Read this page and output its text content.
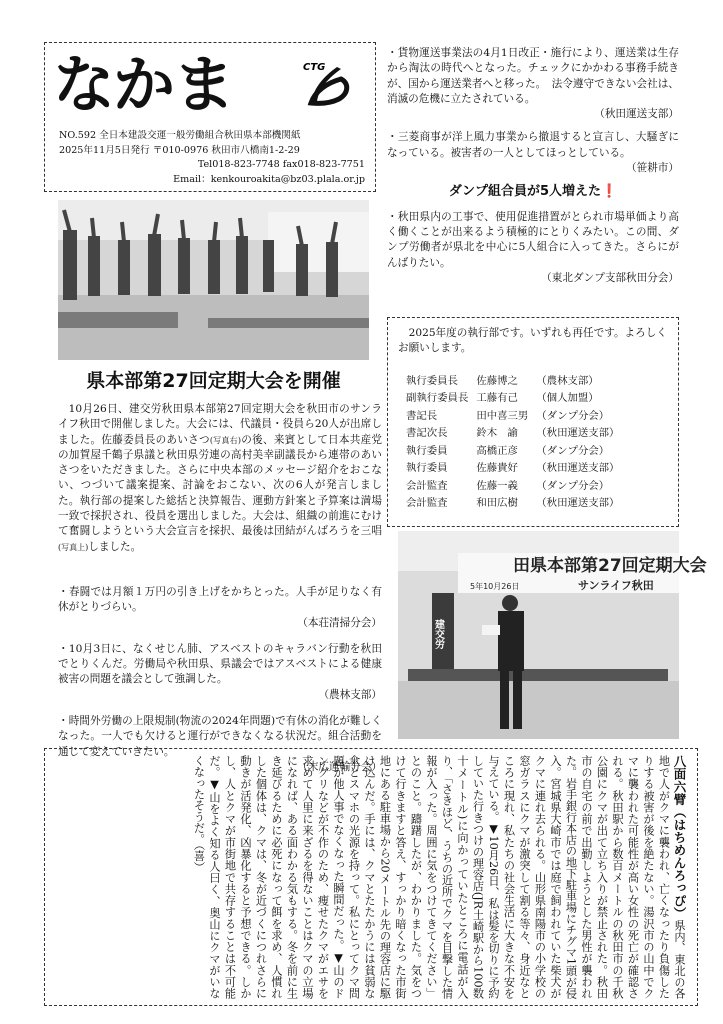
なかま	CTG
NO.592 全日本建設交運一般労働組合秋田県本部機関紙
2025年11月5日発行 〒010-0976 秋田市八橋南1-2-29
Tel018-823-7748 fax018-823-7751
Email：kenkouroakita@bz03.plala.or.jp
県本部第27回定期大会を開催

10月26日、建交労秋田県本部第27回定期大会を秋田市のサンライフ秋田で開催しました。大会には、代議員・役員ら20人が出席しました。佐藤委員長のあいさつ(写真右)の後、来賓として日本共産党の加賀屋千鶴子県議と秋田県労連の高村美幸副議長から連帯のあいさつをいただきました。さらに中央本部のメッセージ紹介をおこない、つづいて議案提案、討論をおこない、次の6人が発言しました。執行部の提案した総括と決算報告、運動方針案と予算案は満場一致で採択され、役員を選出しました。大会は、組織の前進にむけて奮闘しようという大会宣言を採択、最後は団結がんばろうを三唱(写真上)しました。

・春闘では月額１万円の引き上げをかちとった。人手が足りなく有休がとりづらい。
（本荘清掃分会）
・10月3日に、なくせじん肺、アスベストのキャラバン行動を秋田でとりくんだ。労働局や秋田県、県議会ではアスベストによる健康被害の問題を議会として強調した。
（農林支部）
・時間外労働の上限規制(物流の2024年問題)で有休の消化が難しくなった。一人でも欠けると運行ができなくなる状況だ。組合活動を通じて変えていきたい。
（末広運輸分会）
・貨物運送事業法の4月1日改正・施行により、運送業は生存から淘汰の時代へとなった。チェックにかかわる事務手続きが、国から運送業者へと移った。　法令遵守できない会社は、消滅の危機に立たされている。
（秋田運送支部）
・三菱商事が洋上風力事業から撤退すると宣言し、大騒ぎになっている。被害者の一人としてほっとしている。
（笹耕市）
ダンプ組合員が5人増えた❗
・秋田県内の工事で、使用促進措置がとられ市場単価より高く働くことが出来るよう積極的にとりくみたい。この間、ダンプ労働者が県北を中心に5人組合に入ってきた。さらにがんばりたい。
（東北ダンプ支部秋田分会）
2025年度の執行部です。いずれも再任です。よろしくお願いします。
執行委員長	佐藤博之	（農林支部）
副執行委員長	工藤有己	（個人加盟）
書記長	田中喜三男	（ダンプ分会）
書記次長	鈴木　諭	（秋田運送支部）
執行委員	高橋正彦	（ダンプ分会）
執行委員	佐藤貴好	（秋田運送支部）
会計監査	佐藤一義	（ダンプ分会）
会計監査	和田広樹	（秋田運送支部）
田県本部第27回定期大会
5年10月26日	サンライフ秋田
建交労
八面六臂（はちめんろっぴ）県内、東北の各地で人がクマに襲われ、亡くなったり負傷したりする被害が後を絶たない。湯沢市の山中でクマに襲われた可能性が高い女性の死亡が確認される。秋田駅から数百メートルの秋田市の千秋公園にクマが出て立ち入りが禁止された。秋田市の自宅の前で出勤しようとした男性が襲われた。岩手銀行本店の地下駐車場にチグマ1頭が侵入。宮城県大崎市では庭で飼われていた柴犬がクマに連れ去られる。山形県南陽市の小学校の窓ガラスにクマが激突して割る等々、身近なところに現れ、私たちの社会生活に大きな不安を与えている。▼10月26日、私は髪を切りに予約していた行きつけの理容店(JR土崎駅から100数十メートル)に向かっていたところに電話が入り、「さきほど、うちの近所でクマを目撃した情報が入った。周囲に気をつけてきてください」とのこと。躊躇したが、わかりました。気をつけて行きますと答え、すっかり暗くなった市街地にある駐車場から20メートル先の理容店に駆け込んだ。手には、クマとたたかうには貧弱な傘とスマホの光源を持って。私にとってクマ問題が他人事でなくなった瞬間だった。▼山のドングリなどが不作のため、痩せたクマがエサを求めて人里に来ざるを得ないことはクマの立場になれば、ある面わかる気もする。冬を前に生き延びるために必死になって餌を求め、人慣れした個体は、クマは、冬が近づくにつれさらに動きが活発化、凶暴化すると予想できる。しかし、人とクマが市街地で共存することは不可能だ。▼山をよく知る人曰く、奥山にクマがいなくなったそうだ。（喜）
